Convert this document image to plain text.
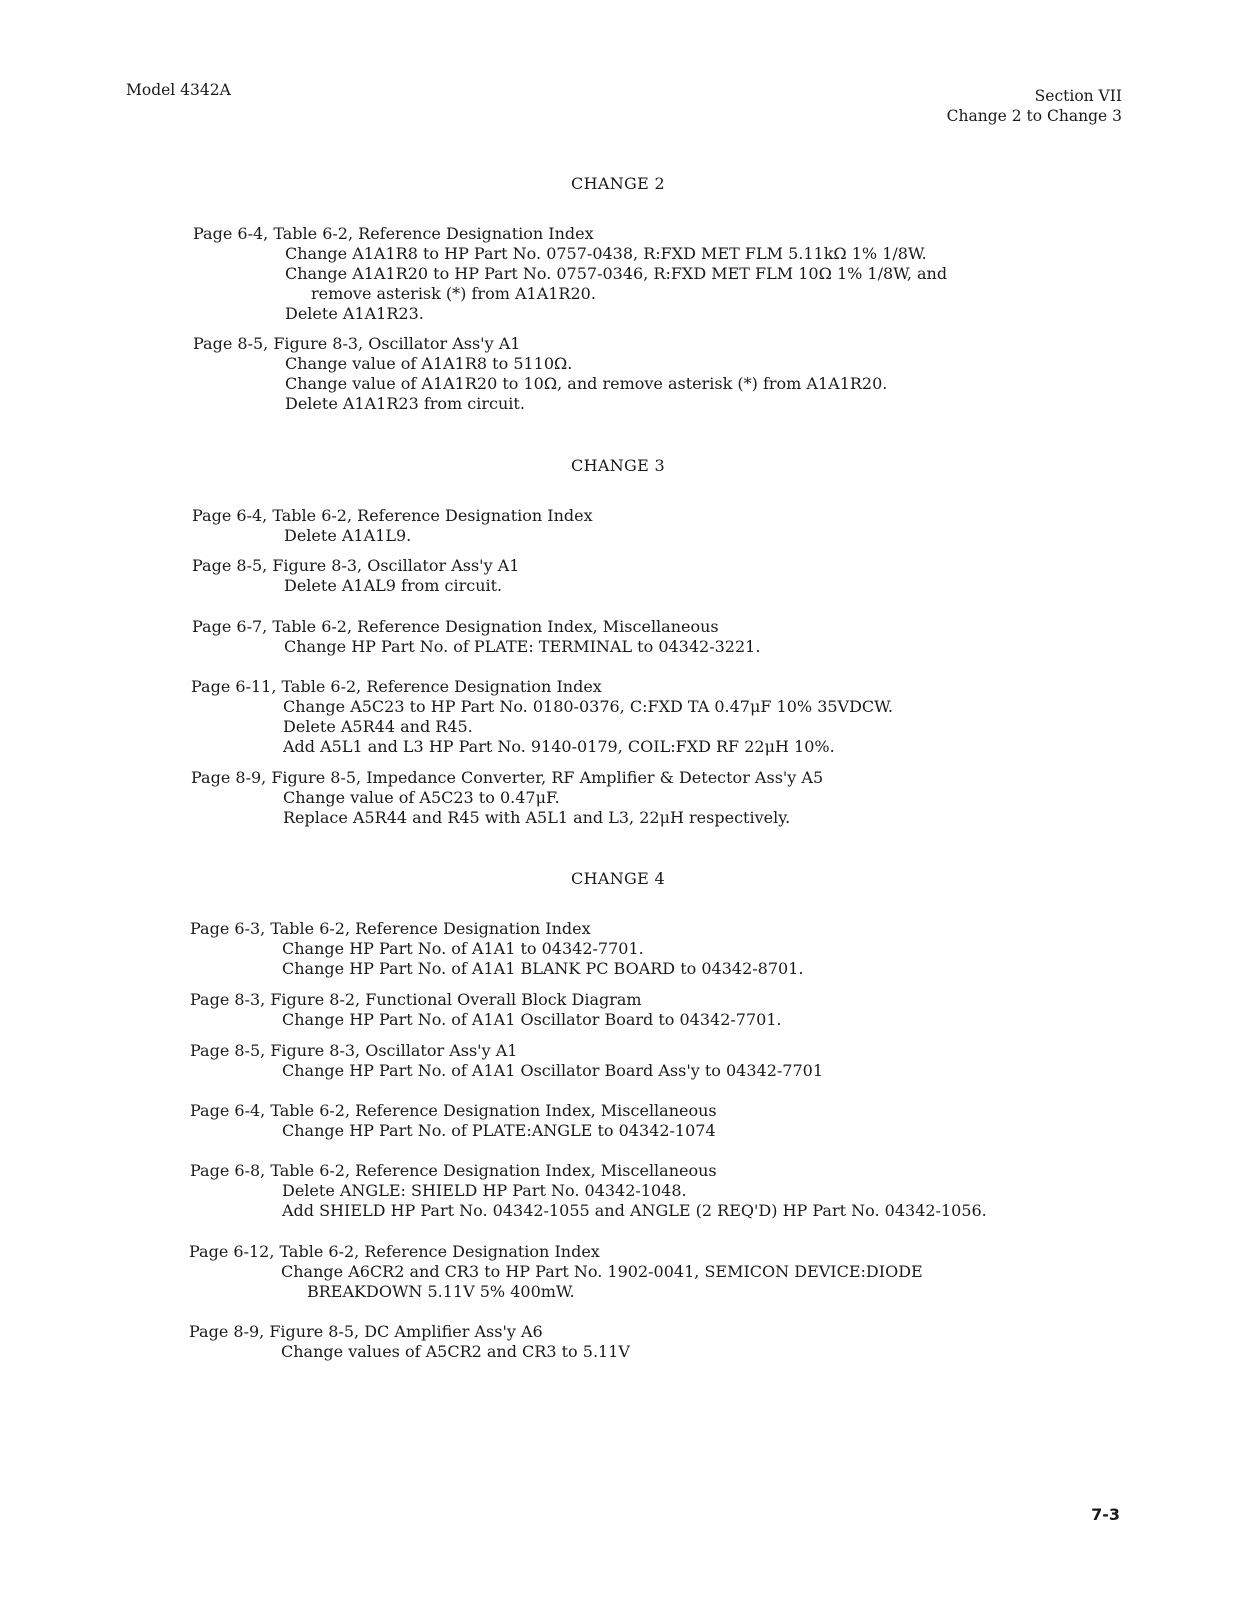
Model 4342A	Section VII
Change 2 to Change 3
CHANGE 2
Page 6-4, Table 6-2, Reference Designation Index
Change A1A1R8 to HP Part No. 0757-0438, R:FXD MET FLM 5.11kΩ 1% 1/8W.
Change A1A1R20 to HP Part No. 0757-0346, R:FXD MET FLM 10Ω 1% 1/8W, and
remove asterisk (*) from A1A1R20.
Delete A1A1R23.
Page 8-5, Figure 8-3, Oscillator Ass'y A1
Change value of A1A1R8 to 5110Ω.
Change value of A1A1R20 to 10Ω, and remove asterisk (*) from A1A1R20.
Delete A1A1R23 from circuit.
CHANGE 3
Page 6-4, Table 6-2, Reference Designation Index
Delete A1A1L9.
Page 8-5, Figure 8-3, Oscillator Ass'y A1
Delete A1AL9 from circuit.
Page 6-7, Table 6-2, Reference Designation Index, Miscellaneous
Change HP Part No. of PLATE: TERMINAL to 04342-3221.
Page 6-11, Table 6-2, Reference Designation Index
Change A5C23 to HP Part No. 0180-0376, C:FXD TA 0.47μF 10% 35VDCW.
Delete A5R44 and R45.
Add A5L1 and L3 HP Part No. 9140-0179, COIL:FXD RF 22μH 10%.
Page 8-9, Figure 8-5, Impedance Converter, RF Amplifier & Detector Ass'y A5
Change value of A5C23 to 0.47μF.
Replace A5R44 and R45 with A5L1 and L3, 22μH respectively.
CHANGE 4
Page 6-3, Table 6-2, Reference Designation Index
Change HP Part No. of A1A1 to 04342-7701.
Change HP Part No. of A1A1 BLANK PC BOARD to 04342-8701.
Page 8-3, Figure 8-2, Functional Overall Block Diagram
Change HP Part No. of A1A1 Oscillator Board to 04342-7701.
Page 8-5, Figure 8-3, Oscillator Ass'y A1
Change HP Part No. of A1A1 Oscillator Board Ass'y to 04342-7701
Page 6-4, Table 6-2, Reference Designation Index, Miscellaneous
Change HP Part No. of PLATE:ANGLE to 04342-1074
Page 6-8, Table 6-2, Reference Designation Index, Miscellaneous
Delete ANGLE: SHIELD HP Part No. 04342-1048.
Add SHIELD HP Part No. 04342-1055 and ANGLE (2 REQ'D) HP Part No. 04342-1056.
Page 6-12, Table 6-2, Reference Designation Index
Change A6CR2 and CR3 to HP Part No. 1902-0041, SEMICON DEVICE:DIODE
BREAKDOWN 5.11V 5% 400mW.
Page 8-9, Figure 8-5, DC Amplifier Ass'y A6
Change values of A5CR2 and CR3 to 5.11V
7-3
